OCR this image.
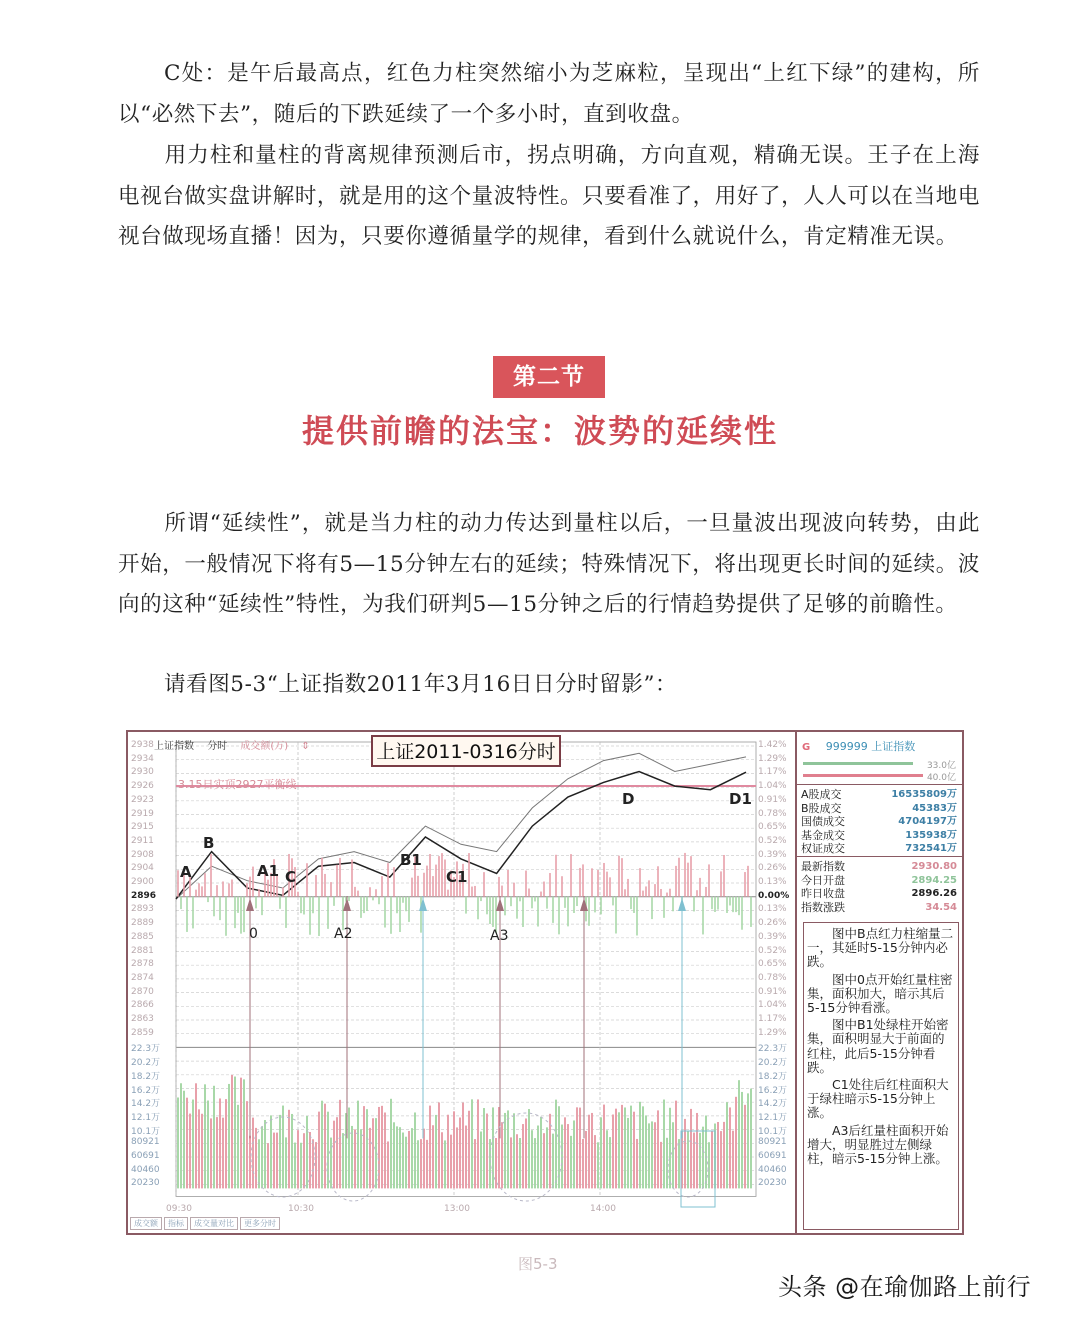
C处：是午后最高点，红色力柱突然缩小为芝麻粒，呈现出“上红下绿”的建构，所以“必然下去”，随后的下跌延续了一个多小时，直到收盘。
用力柱和量柱的背离规律预测后市，拐点明确，方向直观，精确无误。王子在上海电视台做实盘讲解时，就是用的这个量波特性。只要看准了，用好了，人人可以在当地电视台做现场直播！因为，只要你遵循量学的规律，看到什么就说什么，肯定精准无误。
第二节
提供前瞻的法宝：波势的延续性
所谓“延续性”，就是当力柱的动力传达到量柱以后，一旦量波出现波向转势，由此开始，一般情况下将有5—15分钟左右的延续；特殊情况下，将出现更长时间的延续。波向的这种“延续性”特性，为我们研判5—15分钟之后的行情趋势提供了足够的前瞻性。
请看图5-3“上证指数2011年3月16日日分时留影”：
上证指数 分时 成交额(万) ⇕	上证2011-0316分时
2938
2934
2930
2926
2923
2919
2915
2911
2908
2904
2900
2896
2893
2889
2885
2881
2878
2874
2870
2866
2863
2859
22.3万
20.2万
18.2万
16.2万
14.2万
12.1万
10.1万
80921
60691
40460
20230
1.42%
1.29%
1.17%
1.04%
0.91%
0.78%
0.65%
0.52%
0.39%
0.26%
0.13%
0.00%
0.13%
0.26%
0.39%
0.52%
0.65%
0.78%
0.91%
1.04%
1.17%
1.29%
22.3万
20.2万
18.2万
16.2万
14.2万
12.1万
10.1万
80921
60691
40460
20230
09:30	10:30	13:00	14:00
A
B
A1 C
B1
C1
D	D1
0	A2	A3
3.15日实顶2927平衡线
成交额 指标 成交量对比 更多分时
G 999999 上证指数
33.0亿
40.0亿
A股成交	16535809万
B股成交	45383万
国债成交	4704197万
基金成交	135938万
权证成交	732541万
最新指数	2930.80
今日开盘	2894.25
昨日收盘	2896.26
指数涨跌	34.54

图中B点红力柱缩量二一，其延时5-15分钟内必跌。

图中0点开始红量柱密集，面积加大，暗示其后5-15分钟看涨。

图中B1处绿柱开始密集，面积明显大于前面的红柱，此后5-15分钟看跌。

C1处往后红柱面积大于绿柱暗示5-15分钟上涨。

A3后红量柱面积开始增大，明显胜过左侧绿柱，暗示5-15分钟上涨。

图5-3
头条 @在瑜伽路上前行
